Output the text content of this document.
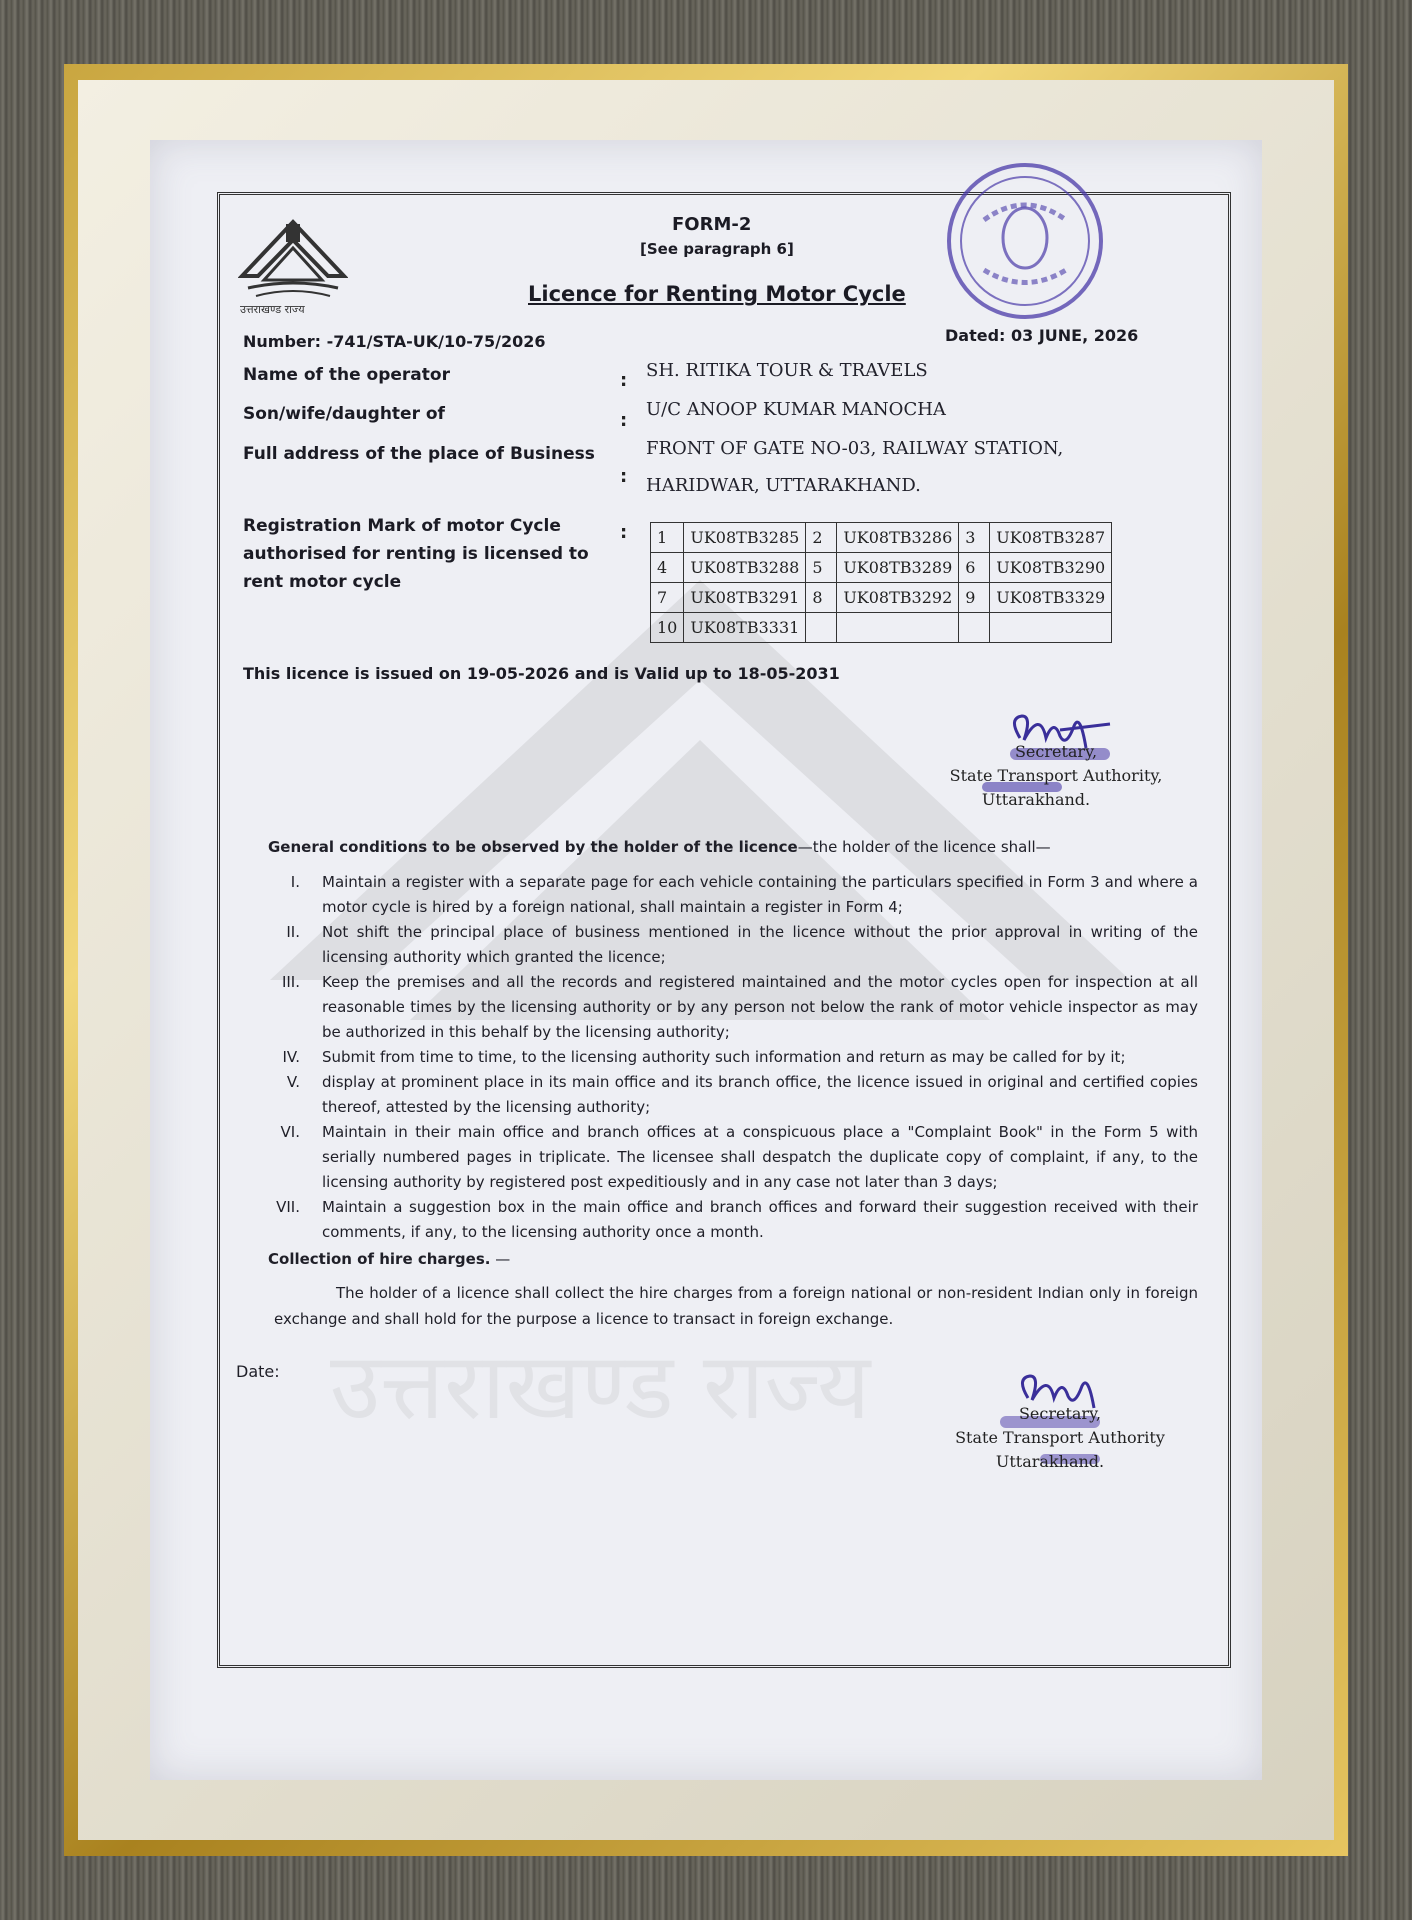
उत्तराखण्ड राज्य
उत्तराखण्ड राज्य
FORM-2
[See paragraph 6]
Licence for Renting Motor Cycle
Number: -741/STA-UK/10-75/2026	Dated: 03 JUNE, 2026
Name of the operator	: SH. RITIKA TOUR & TRAVELS
Son/wife/daughter of	:
U/C ANOOP KUMAR MANOCHA
Full address of the place of Business
:
FRONT OF GATE NO-03, RAILWAY STATION,
HARIDWAR, UTTARAKHAND.
Registration Mark of motor Cycle
authorised for renting is licensed to
rent motor cycle
: 1	UK08TB3285	2	UK08TB3286	3	UK08TB3287
4	UK08TB3288	5	UK08TB3289	6	UK08TB3290
7	UK08TB3291	8	UK08TB3292	9	UK08TB3329
10	UK08TB3331				
This licence is issued on 19-05-2026 and is Valid up to 18-05-2031
Secretary,
State Transport Authority,
Uttarakhand.
General conditions to be observed by the holder of the licence—the holder of the licence shall—
I. Maintain a register with a separate page for each vehicle containing the particulars specified in Form 3 and where a motor cycle is hired by a foreign national, shall maintain a register in Form 4;
II. Not shift the principal place of business mentioned in the licence without the prior approval in writing of the licensing authority which granted the licence;
III. Keep the premises and all the records and registered maintained and the motor cycles open for inspection at all reasonable times by the licensing authority or by any person not below the rank of motor vehicle inspector as may be authorized in this behalf by the licensing authority;
IV. Submit from time to time, to the licensing authority such information and return as may be called for by it;
V. display at prominent place in its main office and its branch office, the licence issued in original and certified copies thereof, attested by the licensing authority;
VI. Maintain in their main office and branch offices at a conspicuous place a "Complaint Book" in the Form 5 with serially numbered pages in triplicate. The licensee shall despatch the duplicate copy of complaint, if any, to the licensing authority by registered post expeditiously and in any case not later than 3 days;
VII. Maintain a suggestion box in the main office and branch offices and forward their suggestion received with their comments, if any, to the licensing authority once a month.
Collection of hire charges. —
The holder of a licence shall collect the hire charges from a foreign national or non-resident Indian only in foreign exchange and shall hold for the purpose a licence to transact in foreign exchange.
Date:
Secretary,
State Transport Authority
Uttarakhand.
